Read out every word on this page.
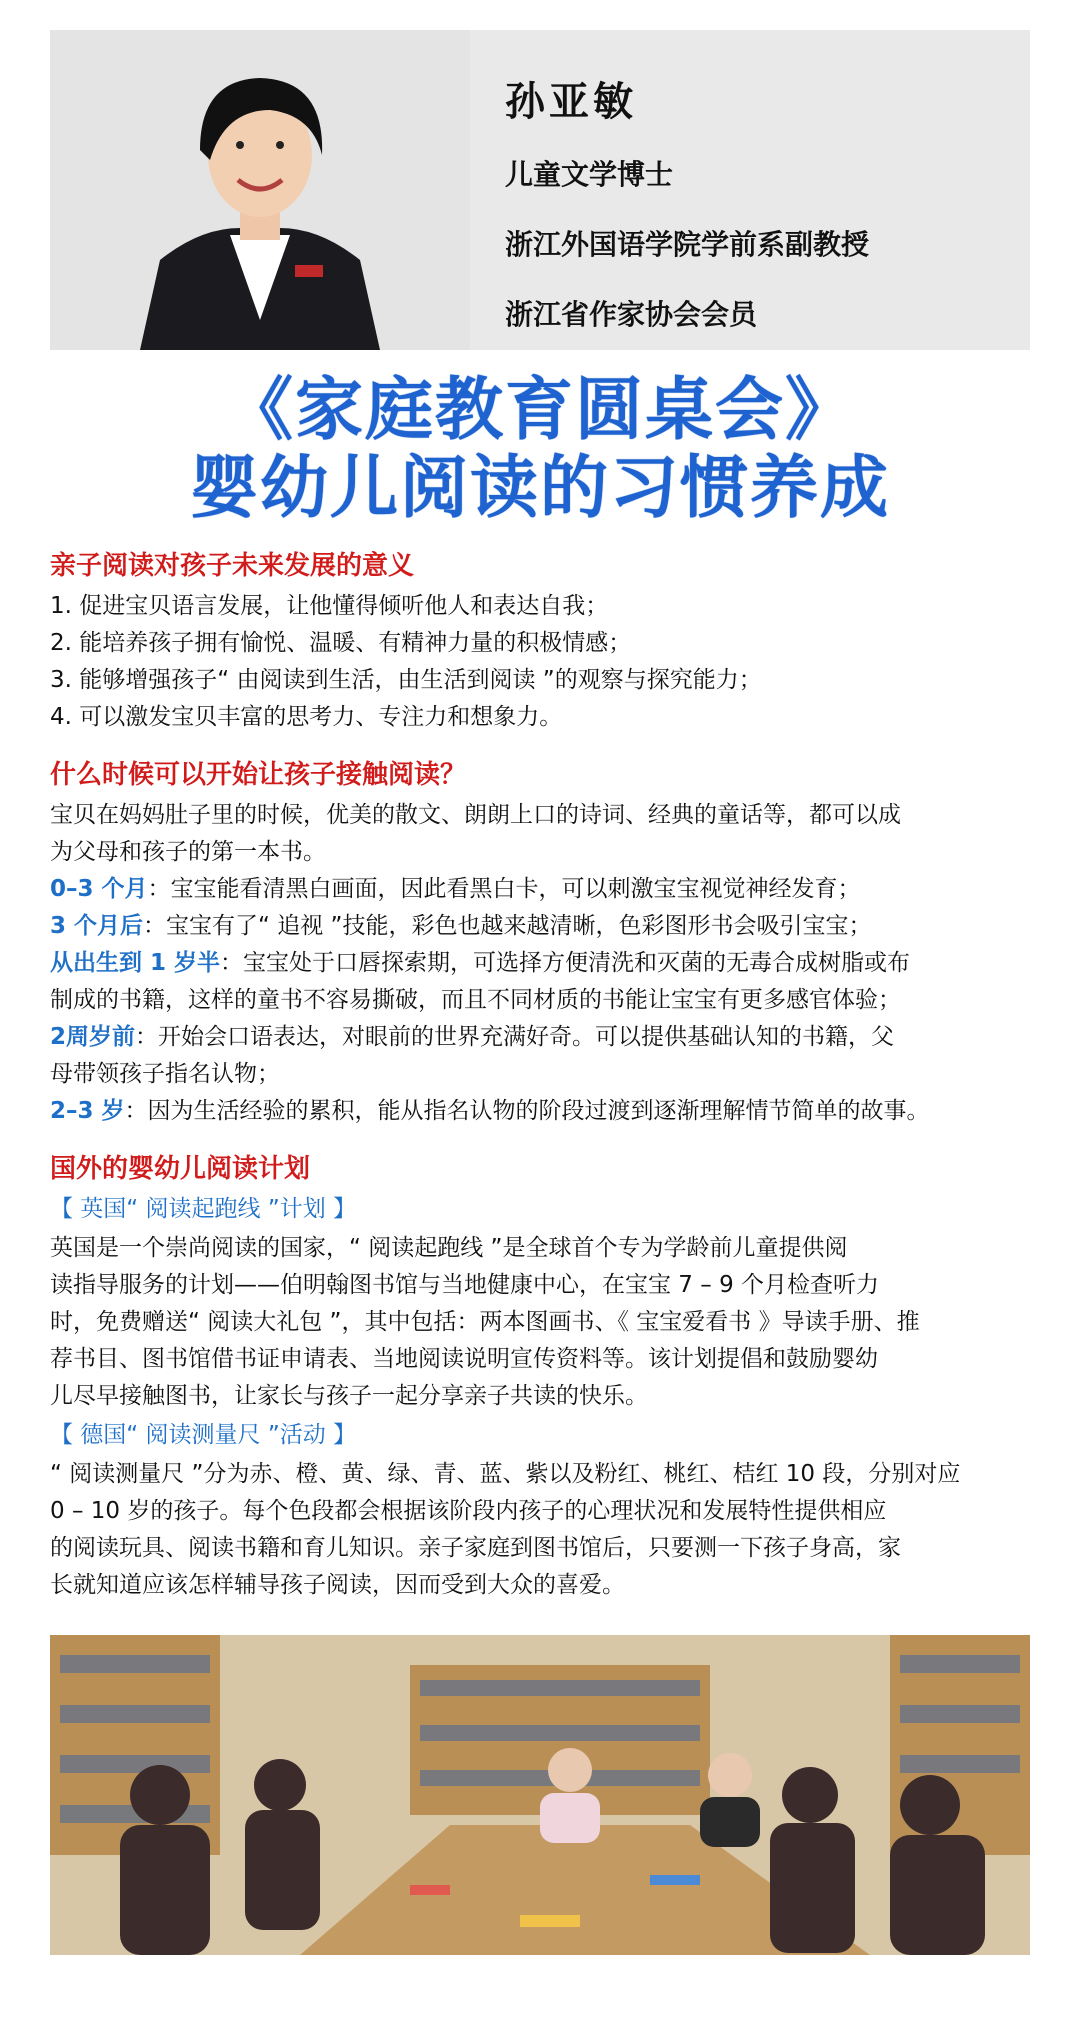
孙亚敏

儿童文学博士

浙江外国语学院学前系副教授

浙江省作家协会会员

《家庭教育圆桌会》
婴幼儿阅读的习惯养成

亲子阅读对孩子未来发展的意义

1. 促进宝贝语言发展，让他懂得倾听他人和表达自我；

2. 能培养孩子拥有愉悦、温暖、有精神力量的积极情感；

3. 能够增强孩子“ 由阅读到生活，由生活到阅读 ”的观察与探究能力；

4. 可以激发宝贝丰富的思考力、专注力和想象力。

什么时候可以开始让孩子接触阅读？

宝贝在妈妈肚子里的时候，优美的散文、朗朗上口的诗词、经典的童话等，都可以成

为父母和孩子的第一本书。

0–3 个月：宝宝能看清黑白画面，因此看黑白卡，可以刺激宝宝视觉神经发育；

3 个月后：宝宝有了“ 追视 ”技能，彩色也越来越清晰，色彩图形书会吸引宝宝；

从出生到 1 岁半：宝宝处于口唇探索期，可选择方便清洗和灭菌的无毒合成树脂或布

制成的书籍，这样的童书不容易撕破，而且不同材质的书能让宝宝有更多感官体验；

2周岁前：开始会口语表达，对眼前的世界充满好奇。可以提供基础认知的书籍，父

母带领孩子指名认物；

2–3 岁：因为生活经验的累积，能从指名认物的阶段过渡到逐渐理解情节简单的故事。

国外的婴幼儿阅读计划

【 英国“ 阅读起跑线 ”计划 】

英国是一个崇尚阅读的国家，“ 阅读起跑线 ”是全球首个专为学龄前儿童提供阅

读指导服务的计划——伯明翰图书馆与当地健康中心，在宝宝 7 – 9 个月检查听力

时，免费赠送“ 阅读大礼包 ”，其中包括：两本图画书、《 宝宝爱看书 》导读手册、推

荐书目、图书馆借书证申请表、当地阅读说明宣传资料等。该计划提倡和鼓励婴幼

儿尽早接触图书，让家长与孩子一起分享亲子共读的快乐。

【 德国“ 阅读测量尺 ”活动 】

“ 阅读测量尺 ”分为赤、橙、黄、绿、青、蓝、紫以及粉红、桃红、桔红 10 段，分别对应

0 – 10 岁的孩子。每个色段都会根据该阶段内孩子的心理状况和发展特性提供相应

的阅读玩具、阅读书籍和育儿知识。亲子家庭到图书馆后，只要测一下孩子身高，家

长就知道应该怎样辅导孩子阅读，因而受到大众的喜爱。
